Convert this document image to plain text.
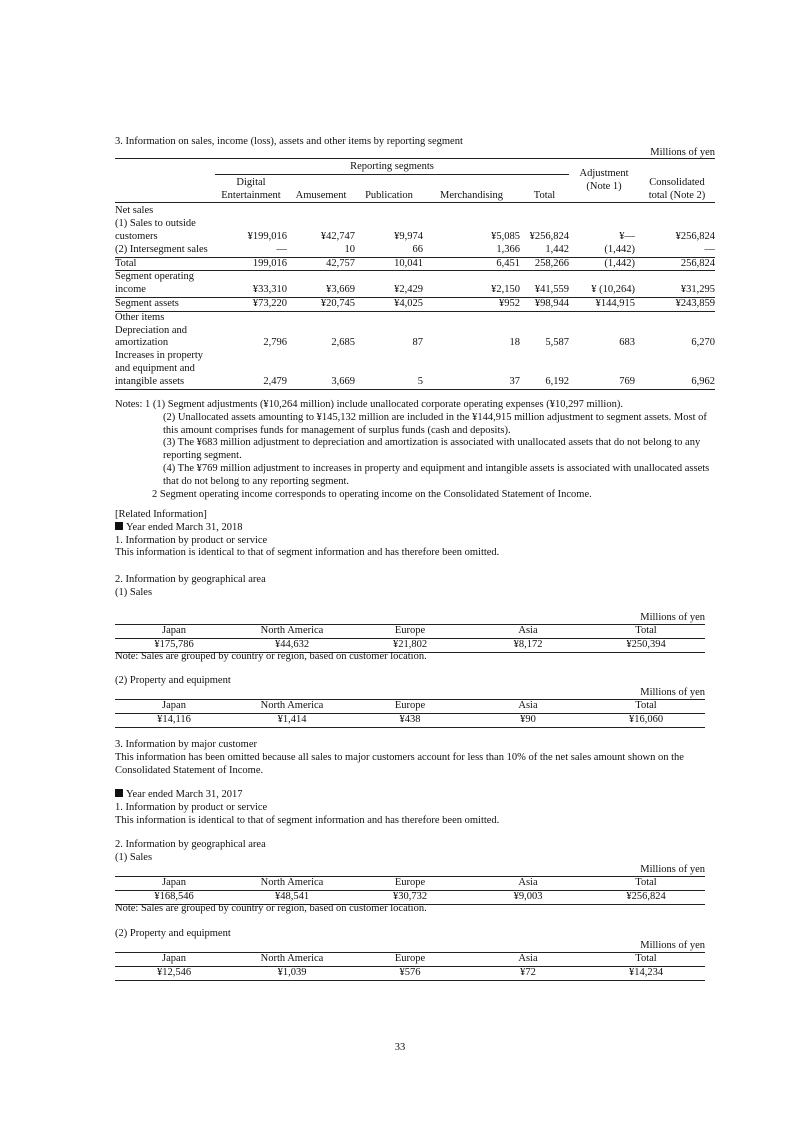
3. Information on sales, income (loss), assets and other items by reporting segment
Millions of yen
	Reporting segments					Adjustment (Note 1)	Consolidated total (Note 2)
	Digital Entertainment	Amusement	Publication	Merchandising	Total		
Net sales							
(1) Sales to outside customers	¥199,016	¥42,747	¥9,974	¥5,085	¥256,824	¥—	¥256,824
(2) Intersegment sales	—	10	66	1,366	1,442	(1,442)	—
Total	199,016	42,757	10,041	6,451	258,266	(1,442)	256,824
Segment operating income	¥33,310	¥3,669	¥2,429	¥2,150	¥41,559	¥ (10,264)	¥31,295
Segment assets	¥73,220	¥20,745	¥4,025	¥952	¥98,944	¥144,915	¥243,859
Other items							
Depreciation and amortization	2,796	2,685	87	18	5,587	683	6,270
Increases in property and equipment and intangible assets	2,479	3,669	5	37	6,192	769	6,962

Notes: 1 (1) Segment adjustments (¥10,264 million) include unallocated corporate operating expenses (¥10,297 million).

(2) Unallocated assets amounting to ¥145,132 million are included in the ¥144,915 million adjustment to segment assets. Most of this amount comprises funds for management of surplus funds (cash and deposits).

(3) The ¥683 million adjustment to depreciation and amortization is associated with unallocated assets that do not belong to any reporting segment.

(4) The ¥769 million adjustment to increases in property and equipment and intangible assets is associated with unallocated assets that do not belong to any reporting segment.

2 Segment operating income corresponds to operating income on the Consolidated Statement of Income.

[Related Information]

Year ended March 31, 2018

1. Information by product or service

This information is identical to that of segment information and has therefore been omitted.

2. Information by geographical area

(1) Sales

Millions of yen
Japan	North America	Europe	Asia	Total
¥175,786	¥44,632	¥21,802	¥8,172	¥250,394
Note: Sales are grouped by country or region, based on customer location.
(2) Property and equipment
Millions of yen
Japan	North America	Europe	Asia	Total
¥14,116	¥1,414	¥438	¥90	¥16,060

3. Information by major customer

This information has been omitted because all sales to major customers account for less than 10% of the net sales amount shown on the Consolidated Statement of Income.

Year ended March 31, 2017

1. Information by product or service

This information is identical to that of segment information and has therefore been omitted.

2. Information by geographical area

(1) Sales

Millions of yen
Japan	North America	Europe	Asia	Total
¥168,546	¥48,541	¥30,732	¥9,003	¥256,824
Note: Sales are grouped by country or region, based on customer location.
(2) Property and equipment
Millions of yen
Japan	North America	Europe	Asia	Total
¥12,546	¥1,039	¥576	¥72	¥14,234
33
